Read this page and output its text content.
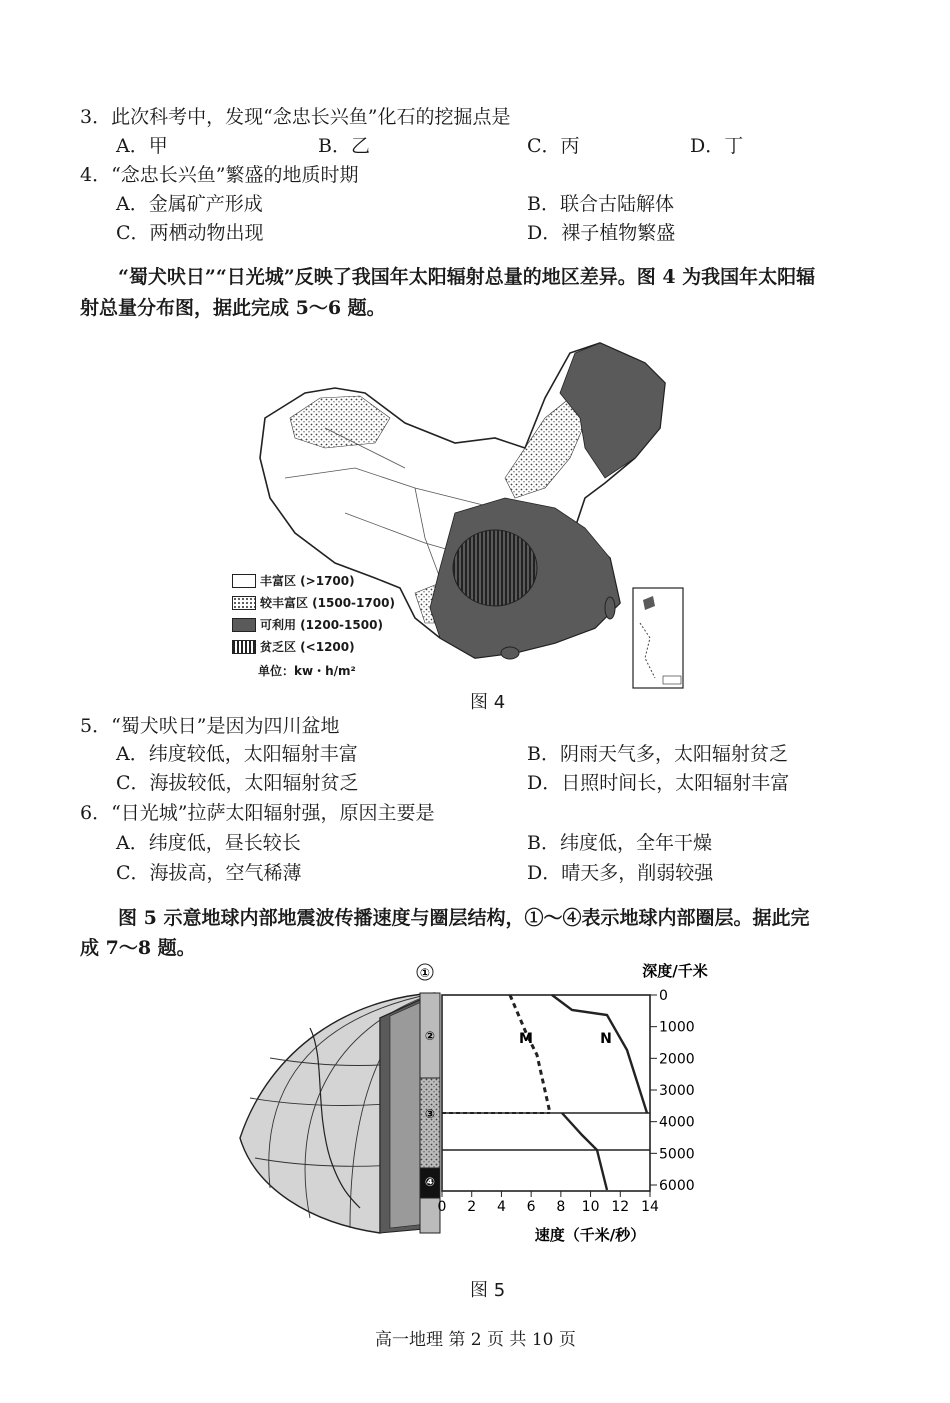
3．此次科考中，发现“念忠长兴鱼”化石的挖掘点是
A．甲	B．乙	C．丙	D．丁
4．“念忠长兴鱼”繁盛的地质时期
A．金属矿产形成	B．联合古陆解体
C．两栖动物出现	D．裸子植物繁盛
“蜀犬吠日”“日光城”反映了我国年太阳辐射总量的地区差异。图 4 为我国年太阳辐
射总量分布图，据此完成 5～6 题。
丰富区 (>1700)
较丰富区 (1500-1700)
可利用 (1200-1500)
贫乏区 (<1200)
单位：kw・h/m²
图 4
5．“蜀犬吠日”是因为四川盆地
A．纬度较低，太阳辐射丰富	B．阴雨天气多，太阳辐射贫乏
C．海拔较低，太阳辐射贫乏	D．日照时间长，太阳辐射丰富
6．“日光城”拉萨太阳辐射强，原因主要是
A．纬度低，昼长较长	B．纬度低，全年干燥
C．海拔高，空气稀薄	D．晴天多，削弱较强
图 5 示意地球内部地震波传播速度与圈层结构，①～④表示地球内部圈层。据此完
成 7～8 题。
①
②
③
④
0
1000
2000
3000
4000
5000
6000
0 2 4 6 8 10 12 14
深度/千米
速度（千米/秒）
M	N
图 5
高一地理 第 2 页 共 10 页
